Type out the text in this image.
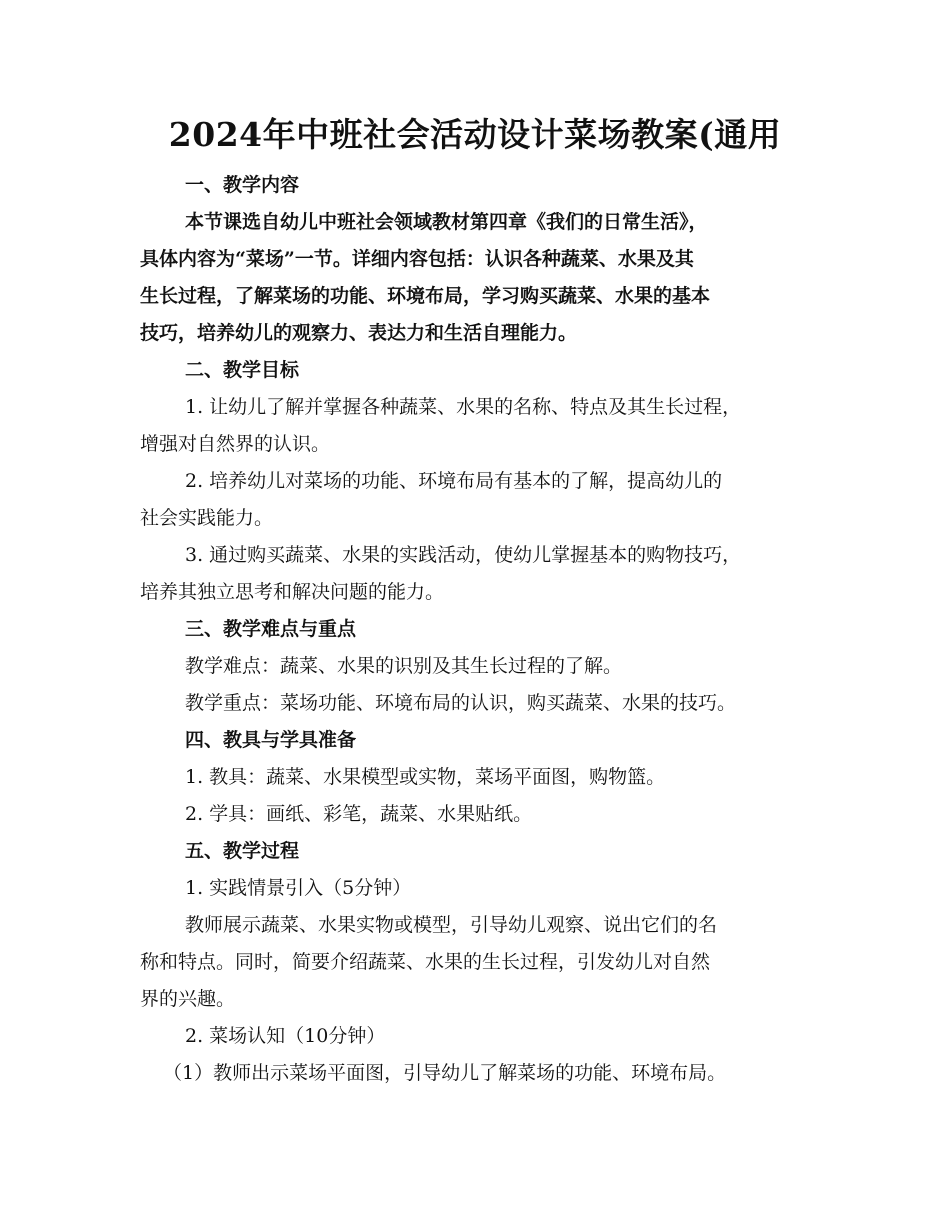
2024年中班社会活动设计菜场教案(通用
一、教学内容
本节课选自幼儿中班社会领域教材第四章《我们的日常生活》，
具体内容为“菜场”一节。详细内容包括：认识各种蔬菜、水果及其
生长过程，了解菜场的功能、环境布局，学习购买蔬菜、水果的基本
技巧，培养幼儿的观察力、表达力和生活自理能力。
二、教学目标
1. 让幼儿了解并掌握各种蔬菜、水果的名称、特点及其生长过程，
增强对自然界的认识。
2. 培养幼儿对菜场的功能、环境布局有基本的了解，提高幼儿的
社会实践能力。
3. 通过购买蔬菜、水果的实践活动，使幼儿掌握基本的购物技巧，
培养其独立思考和解决问题的能力。
三、教学难点与重点
教学难点：蔬菜、水果的识别及其生长过程的了解。
教学重点：菜场功能、环境布局的认识，购买蔬菜、水果的技巧。
四、教具与学具准备
1. 教具：蔬菜、水果模型或实物，菜场平面图，购物篮。
2. 学具：画纸、彩笔，蔬菜、水果贴纸。
五、教学过程
1. 实践情景引入（5分钟）
教师展示蔬菜、水果实物或模型，引导幼儿观察、说出它们的名
称和特点。同时，简要介绍蔬菜、水果的生长过程，引发幼儿对自然
界的兴趣。
2. 菜场认知（10分钟）
（1）教师出示菜场平面图，引导幼儿了解菜场的功能、环境布局。
